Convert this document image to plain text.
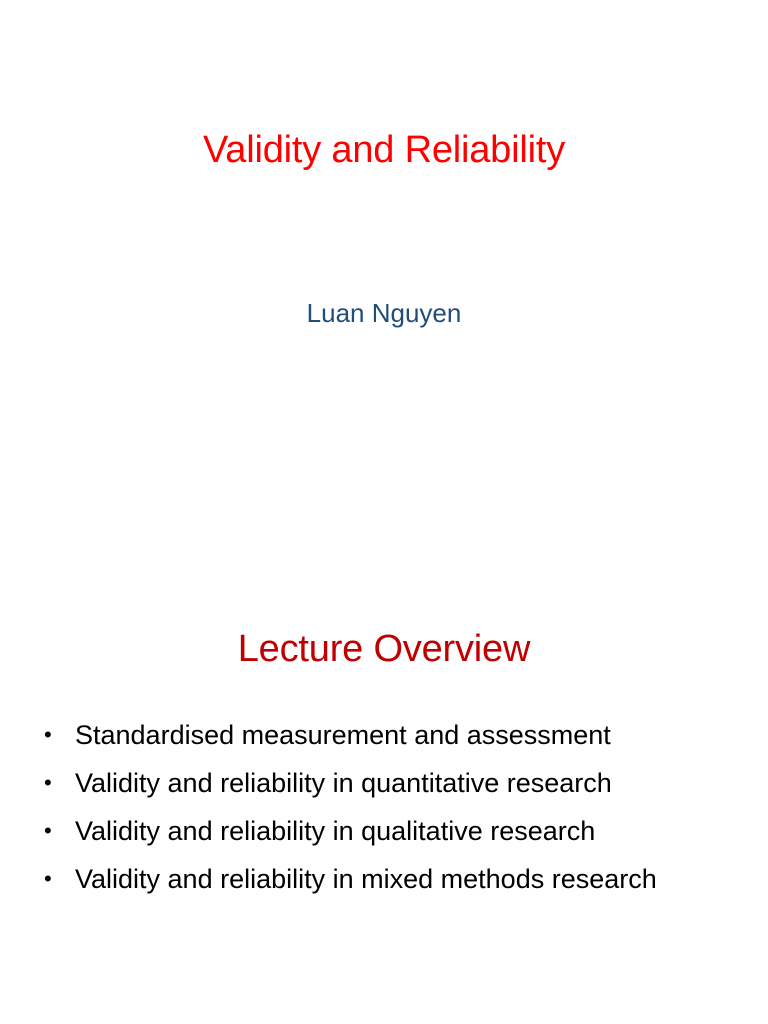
Validity and Reliability
Luan Nguyen
Lecture Overview
• Standardised measurement and assessment
• Validity and reliability in quantitative research
• Validity and reliability in qualitative research
• Validity and reliability in mixed methods research
